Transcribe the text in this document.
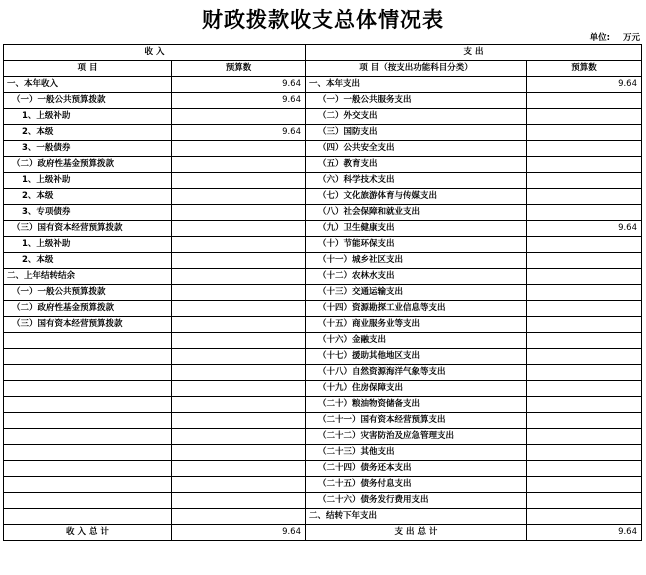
财政拨款收支总体情况表
单位: 万元
收 入		支 出	
项 目	预算数	项 目（按支出功能科目分类）	预算数
一、本年收入	9.64	一、本年支出	9.64
（一）一般公共预算拨款	9.64	（一）一般公共服务支出	
1、上级补助		（二）外交支出	
2、本级	9.64	（三）国防支出	
3、一般债券		（四）公共安全支出	
（二）政府性基金预算拨款		（五）教育支出	
1、上级补助		（六）科学技术支出	
2、本级		（七）文化旅游体育与传媒支出	
3、专项债券		（八）社会保障和就业支出	
（三）国有资本经营预算拨款		（九）卫生健康支出	9.64
1、上级补助		（十）节能环保支出	
2、本级		（十一）城乡社区支出	
二、上年结转结余		（十二）农林水支出	
（一）一般公共预算拨款		（十三）交通运输支出	
（二）政府性基金预算拨款		（十四）资源勘探工业信息等支出	
（三）国有资本经营预算拨款		（十五）商业服务业等支出	
		（十六）金融支出	
		（十七）援助其他地区支出	
		（十八）自然资源海洋气象等支出	
		（十九）住房保障支出	
		（二十）粮油物资储备支出	
		（二十一）国有资本经营预算支出	
		（二十二）灾害防治及应急管理支出	
		（二十三）其他支出	
		（二十四）债务还本支出	
		（二十五）债务付息支出	
		（二十六）债务发行费用支出	
		二、结转下年支出	
收 入 总 计	9.64	支 出 总 计	9.64
